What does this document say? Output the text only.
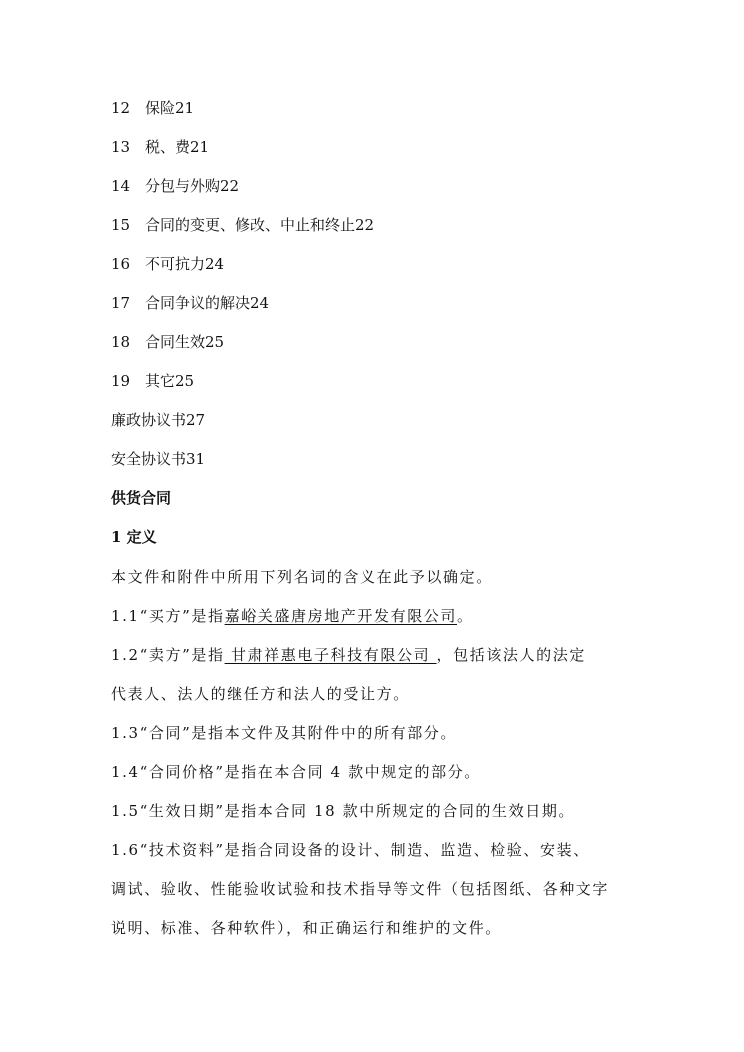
12 保险21
13 税、费21
14 分包与外购22
15 合同的变更、修改、中止和终止22
16 不可抗力24
17 合同争议的解决24
18 合同生效25
19 其它25
廉政协议书27
安全协议书31
供货合同
1 定义
本文件和附件中所用下列名词的含义在此予以确定。
1.1“买方”是指嘉峪关盛唐房地产开发有限公司。
1.2“卖方”是指 甘肃祥惠电子科技有限公司 ，包括该法人的法定
代表人、法人的继任方和法人的受让方。
1.3“合同”是指本文件及其附件中的所有部分。
1.4“合同价格”是指在本合同 4 款中规定的部分。
1.5“生效日期”是指本合同 18 款中所规定的合同的生效日期。
1.6“技术资料”是指合同设备的设计、制造、监造、检验、安装、
调试、验收、性能验收试验和技术指导等文件（包括图纸、各种文字
说明、标准、各种软件），和正确运行和维护的文件。
